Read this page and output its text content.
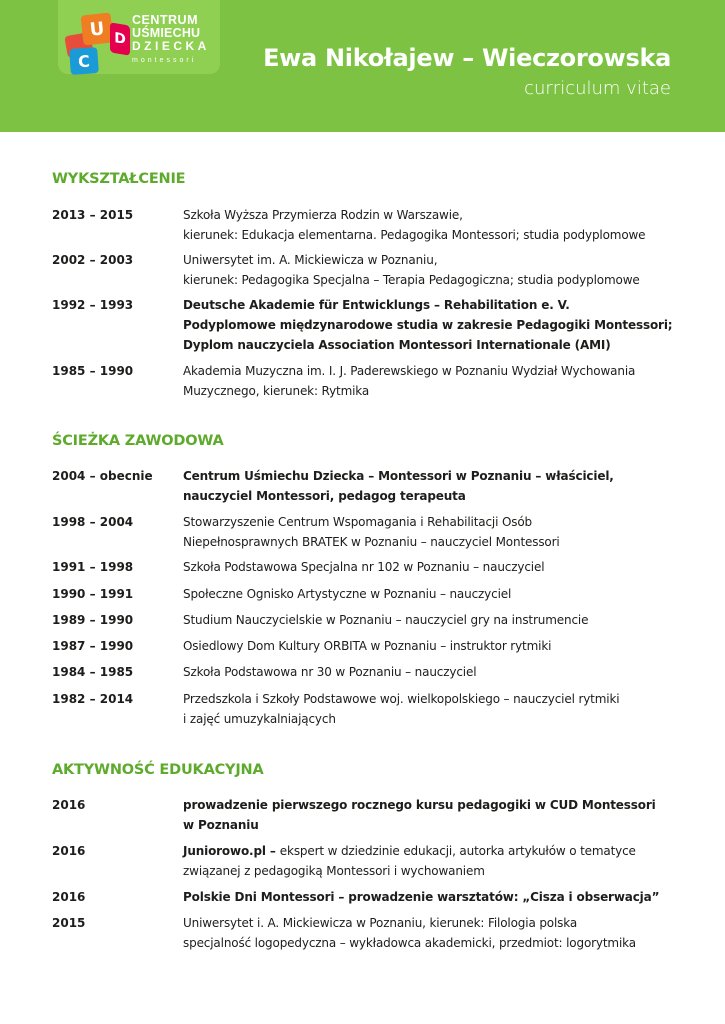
U D
C
CENTRUM
UŚMIECHU
DZIECKA
montessori	Ewa Nikołajew – Wieczorowska
curriculum vitae
WYKSZTAŁCENIE
2013 – 2015	Szkoła Wyższa Przymierza Rodzin w Warszawie,
kierunek: Edukacja elementarna. Pedagogika Montessori; studia podyplomowe
2002 – 2003	Uniwersytet im. A. Mickiewicza w Poznaniu,
kierunek: Pedagogika Specjalna – Terapia Pedagogiczna; studia podyplomowe
1992 – 1993	Deutsche Akademie für Entwicklungs – Rehabilitation e. V.
Podyplomowe międzynarodowe studia w zakresie Pedagogiki Montessori;
Dyplom nauczyciela Association Montessori Internationale (AMI)
1985 – 1990	Akademia Muzyczna im. I. J. Paderewskiego w Poznaniu Wydział Wychowania
Muzycznego, kierunek: Rytmika
ŚCIEŻKA ZAWODOWA
2004 – obecnie	Centrum Uśmiechu Dziecka – Montessori w Poznaniu – właściciel,
nauczyciel Montessori, pedagog terapeuta
1998 – 2004	Stowarzyszenie Centrum Wspomagania i Rehabilitacji Osób
Niepełnosprawnych BRATEK w Poznaniu – nauczyciel Montessori
1991 – 1998	Szkoła Podstawowa Specjalna nr 102 w Poznaniu – nauczyciel
1990 – 1991	Społeczne Ognisko Artystyczne w Poznaniu – nauczyciel
1989 – 1990	Studium Nauczycielskie w Poznaniu – nauczyciel gry na instrumencie
1987 – 1990	Osiedlowy Dom Kultury ORBITA w Poznaniu – instruktor rytmiki
1984 – 1985	Szkoła Podstawowa nr 30 w Poznaniu – nauczyciel
1982 – 2014	Przedszkola i Szkoły Podstawowe woj. wielkopolskiego – nauczyciel rytmiki
i zajęć umuzykalniających
AKTYWNOŚĆ EDUKACYJNA
2016	prowadzenie pierwszego rocznego kursu pedagogiki w CUD Montessori
w Poznaniu
2016	Juniorowo.pl – ekspert w dziedzinie edukacji, autorka artykułów o tematyce
związanej z pedagogiką Montessori i wychowaniem
2016	Polskie Dni Montessori – prowadzenie warsztatów: „Cisza i obserwacja”
2015	Uniwersytet i. A. Mickiewicza w Poznaniu, kierunek: Filologia polska
specjalność logopedyczna – wykładowca akademicki, przedmiot: logorytmika
